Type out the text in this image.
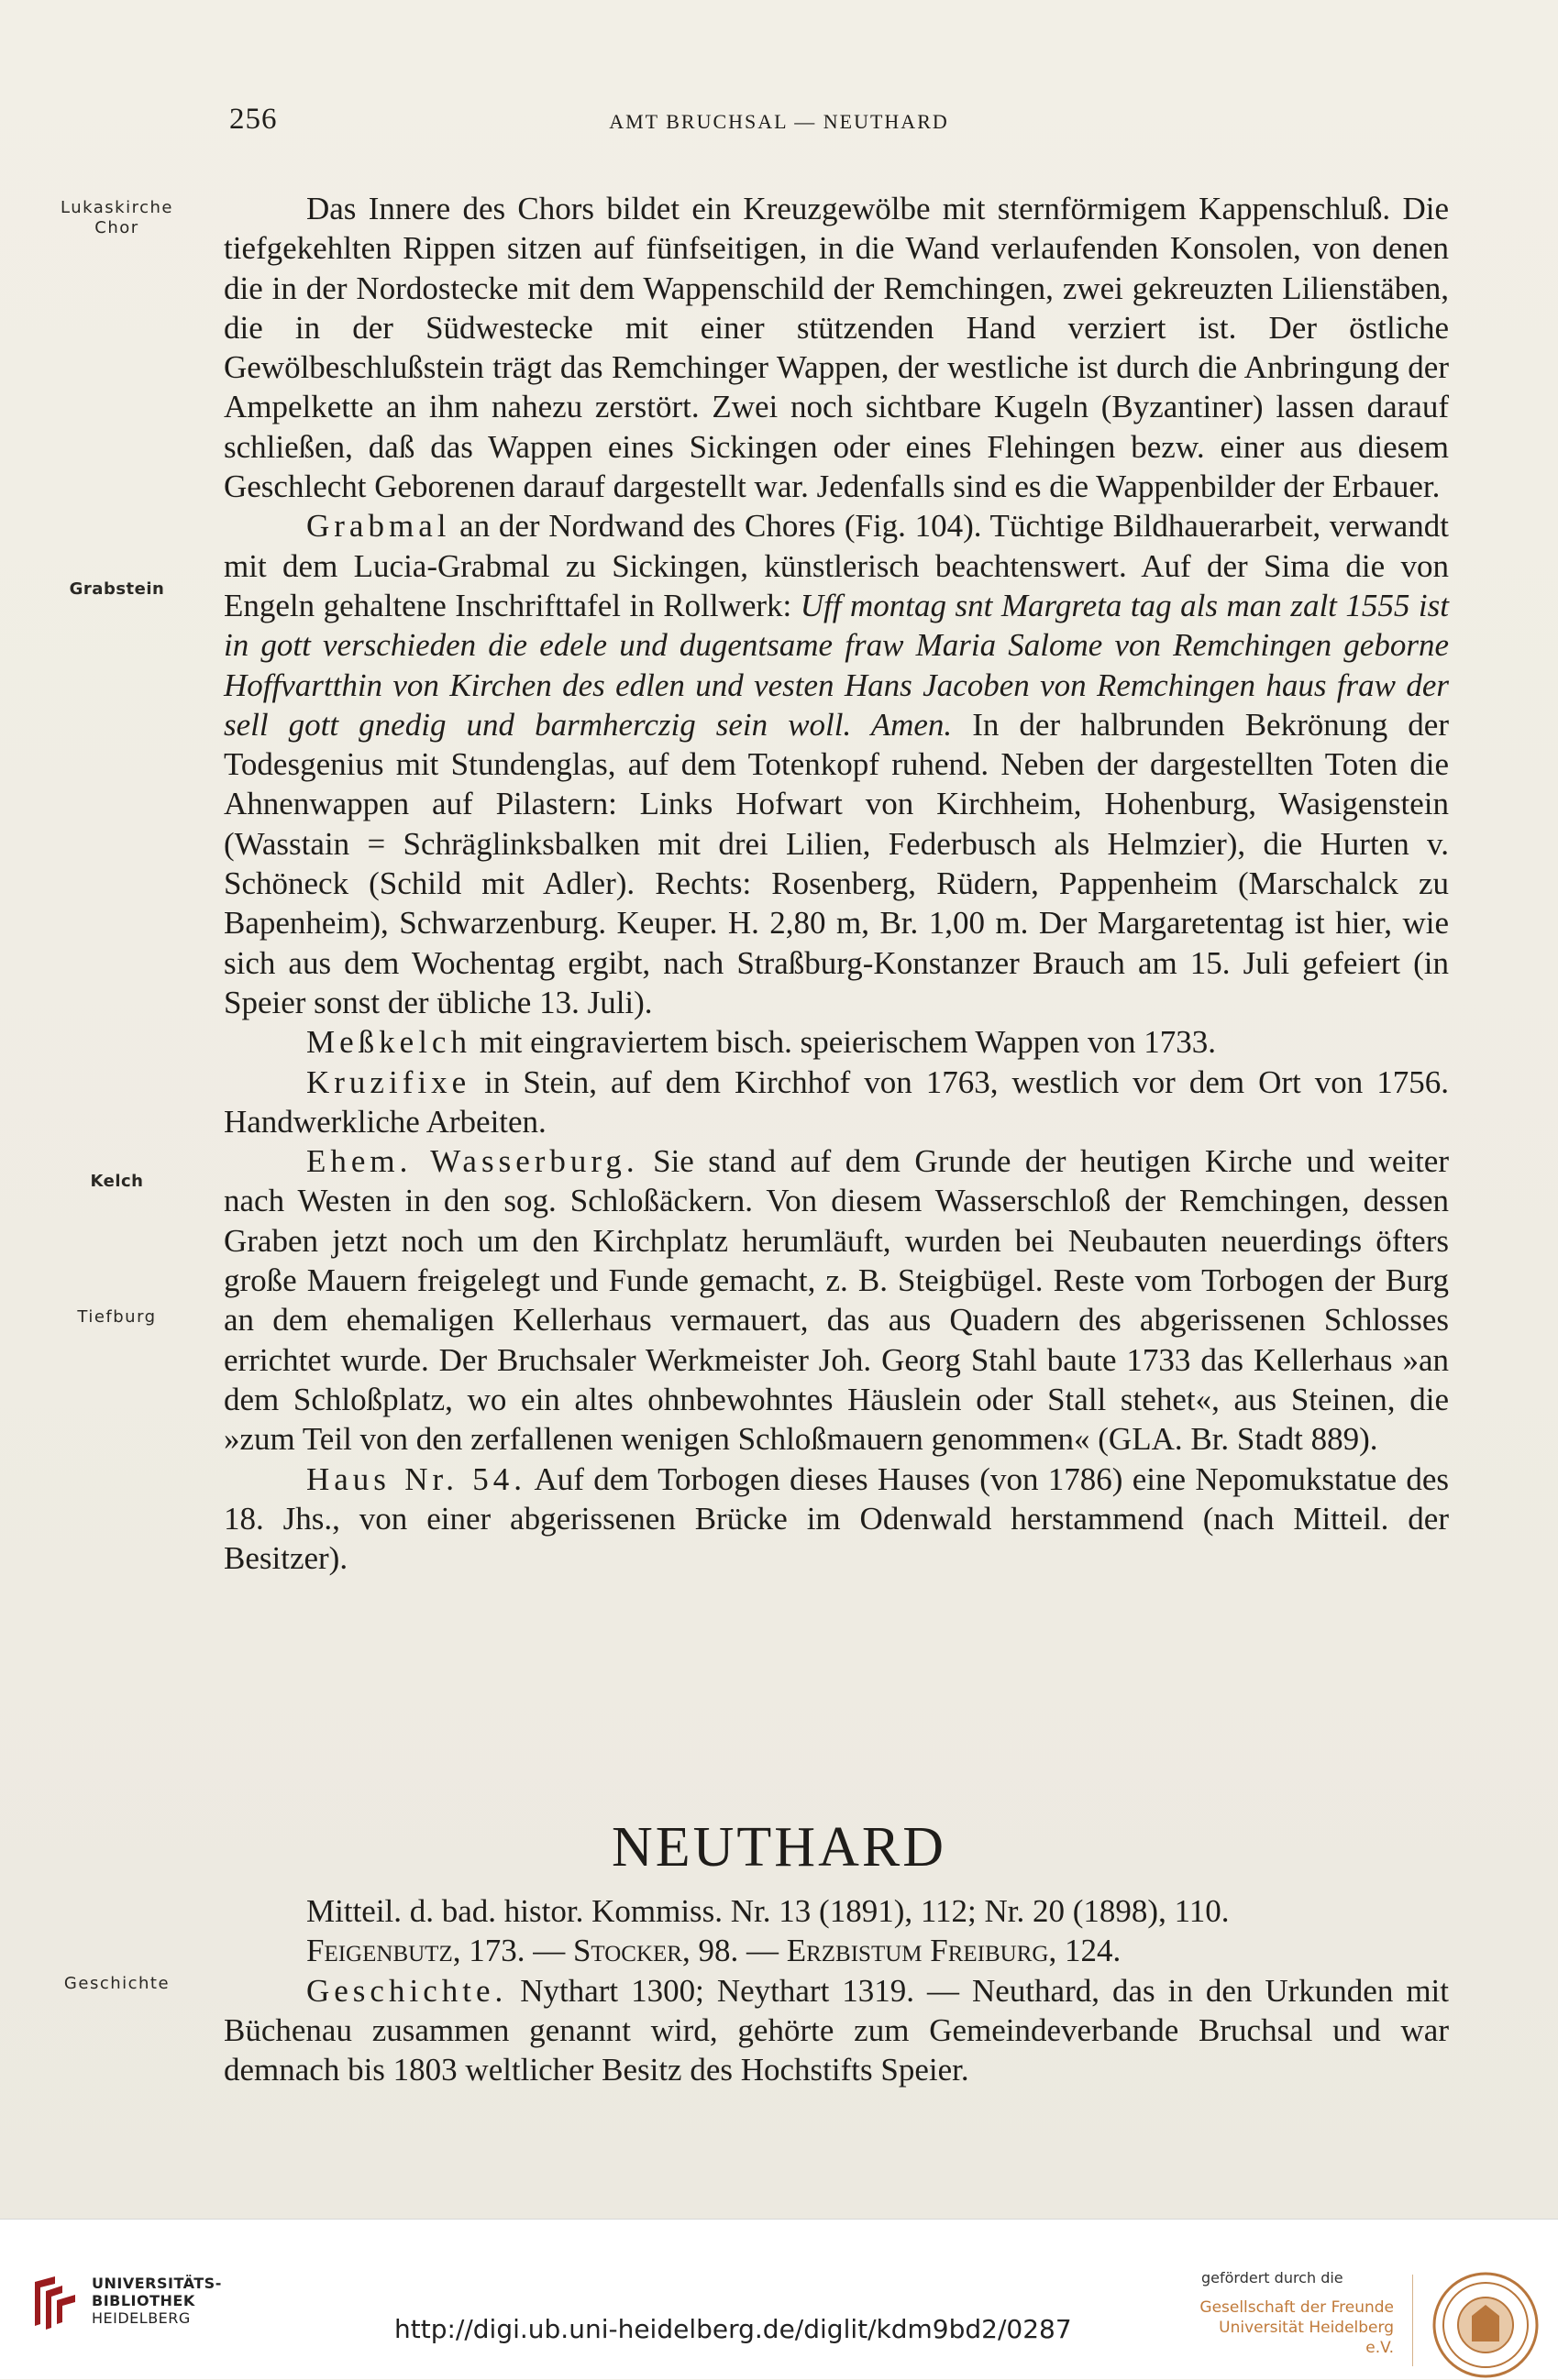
256	AMT BRUCHSAL — NEUTHARD
Lukaskirche
Chor
Grabstein
Kelch
Tiefburg
Geschichte

Das Innere des Chors bildet ein Kreuzgewölbe mit sternförmigem Kappenschluß. Die tiefgekehlten Rippen sitzen auf fünfseitigen, in die Wand verlaufenden Konsolen, von denen die in der Nordostecke mit dem Wappenschild der Remchingen, zwei gekreuzten Lilienstäben, die in der Südwestecke mit einer stützenden Hand verziert ist. Der östliche Gewölbeschlußstein trägt das Remchinger Wappen, der westliche ist durch die Anbringung der Ampelkette an ihm nahezu zerstört. Zwei noch sichtbare Kugeln (Byzantiner) lassen darauf schließen, daß das Wappen eines Sickingen oder eines Flehingen bezw. einer aus diesem Geschlecht Geborenen darauf dargestellt war. Jedenfalls sind es die Wappenbilder der Erbauer.

Grabmal an der Nordwand des Chores (Fig. 104). Tüchtige Bildhauerarbeit, verwandt mit dem Lucia-Grabmal zu Sickingen, künstlerisch beachtenswert. Auf der Sima die von Engeln gehaltene Inschrifttafel in Rollwerk: Uff montag snt Margreta tag als man zalt 1555 ist in gott verschieden die edele und dugentsame fraw Maria Salome von Remchingen geborne Hoffvartthin von Kirchen des edlen und vesten Hans Jacoben von Remchingen haus fraw der sell gott gnedig und barmherczig sein woll. Amen. In der halbrunden Bekrönung der Todesgenius mit Stundenglas, auf dem Totenkopf ruhend. Neben der dargestellten Toten die Ahnenwappen auf Pilastern: Links Hofwart von Kirchheim, Hohenburg, Wasigenstein (Wasstain = Schräglinksbalken mit drei Lilien, Federbusch als Helmzier), die Hurten v. Schöneck (Schild mit Adler). Rechts: Rosenberg, Rüdern, Pappenheim (Marschalck zu Bapenheim), Schwarzenburg. Keuper. H. 2,80 m, Br. 1,00 m. Der Margaretentag ist hier, wie sich aus dem Wochentag ergibt, nach Straßburg-Konstanzer Brauch am 15. Juli gefeiert (in Speier sonst der übliche 13. Juli).

Meßkelch mit eingraviertem bisch. speierischem Wappen von 1733.

Kruzifixe in Stein, auf dem Kirchhof von 1763, westlich vor dem Ort von 1756. Handwerkliche Arbeiten.

Ehem. Wasserburg. Sie stand auf dem Grunde der heutigen Kirche und weiter nach Westen in den sog. Schloßäckern. Von diesem Wasserschloß der Remchingen, dessen Graben jetzt noch um den Kirchplatz herumläuft, wurden bei Neubauten neuerdings öfters große Mauern freigelegt und Funde gemacht, z. B. Steigbügel. Reste vom Torbogen der Burg an dem ehemaligen Kellerhaus vermauert, das aus Quadern des abgerissenen Schlosses errichtet wurde. Der Bruchsaler Werkmeister Joh. Georg Stahl baute 1733 das Kellerhaus »an dem Schloßplatz, wo ein altes ohnbewohntes Häuslein oder Stall stehet«, aus Steinen, die »zum Teil von den zerfallenen wenigen Schloßmauern genommen« (GLA. Br. Stadt 889).

Haus Nr. 54. Auf dem Torbogen dieses Hauses (von 1786) eine Nepomukstatue des 18. Jhs., von einer abgerissenen Brücke im Odenwald herstammend (nach Mitteil. der Besitzer).

NEUTHARD

Mitteil. d. bad. histor. Kommiss. Nr. 13 (1891), 112; Nr. 20 (1898), 110.

Feigenbutz, 173. — Stocker, 98. — Erzbistum Freiburg, 124.

Geschichte. Nythart 1300; Neythart 1319. — Neuthard, das in den Urkunden mit Büchenau zusammen genannt wird, gehörte zum Gemeindeverbande Bruchsal und war demnach bis 1803 weltlicher Besitz des Hochstifts Speier.

UNIVERSITÄTS-
BIBLIOTHEK
HEIDELBERG	http://digi.ub.uni-heidelberg.de/diglit/kdm9bd2/0287
gefördert durch die
Gesellschaft der Freunde
Universität Heidelberg e.V.
